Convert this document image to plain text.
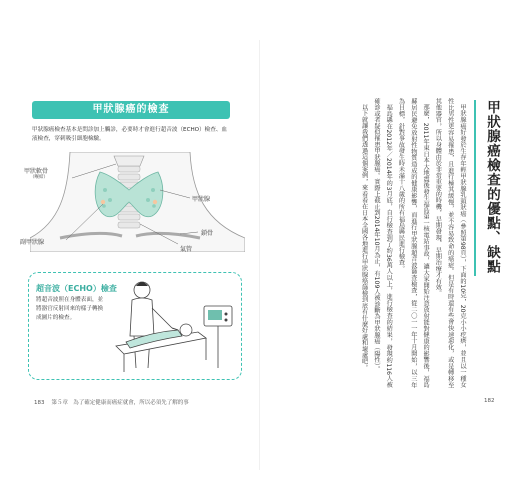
甲狀腺癌的檢查
甲狀腺癌檢查基本是問診加上觸診，必要時才會進行超音波（ECHO）檢查、血液檢查，穿刺吸引細胞檢驗。
甲狀軟骨
（喉結）
甲狀腺
鎖骨
氣管
副甲狀腺
超音波（ECHO）檢查
將超音波照在身體表面，並將器官反射回來的樣子轉換成圖片的檢查。
183 第５章 為了確定健康而癌症就會，所以必須先了解的事
甲狀腺癌檢查的優點、缺點

甲狀腺癌好發於生存年輕甲狀腺乳頭狀癌（參照第98頁），下面的10克，20克小小疙瘩，並且以一種女性比男性更容易罹患，且進行極其緩慢，並不容易致命的癌症。但是有時還有些會快速惡化，或是轉移至其他器官，所以身體由於非常重要的時機，早期發現、早期治療才有效。

那麼，2011年東日本大地震後發生福島第一核電站事故，讓大家開始注意放射能對健康的影響後，福島縣居民避免放射性物質造成的健康影響，而進行甲狀腺超音波篩查檢查，從二〇一一年十月開始，以三年為目標，針對事故發生時未滿十八歲的所有福島縣民進行檢查。

福島縣在2012年／2014年的3月底，自行檢查到了約36萬人以上，進行檢查的結果，發現約116人被確診或者疑似罹患甲狀腺癌。實際上截止到2014年10月為止，有109人被診斷為甲狀腺癌（陽性）。

以下就讓我們透過這個案例，來看看在日本全國各地進行甲狀腺癌篩檢到底有什麼好處和壞處吧。

182
